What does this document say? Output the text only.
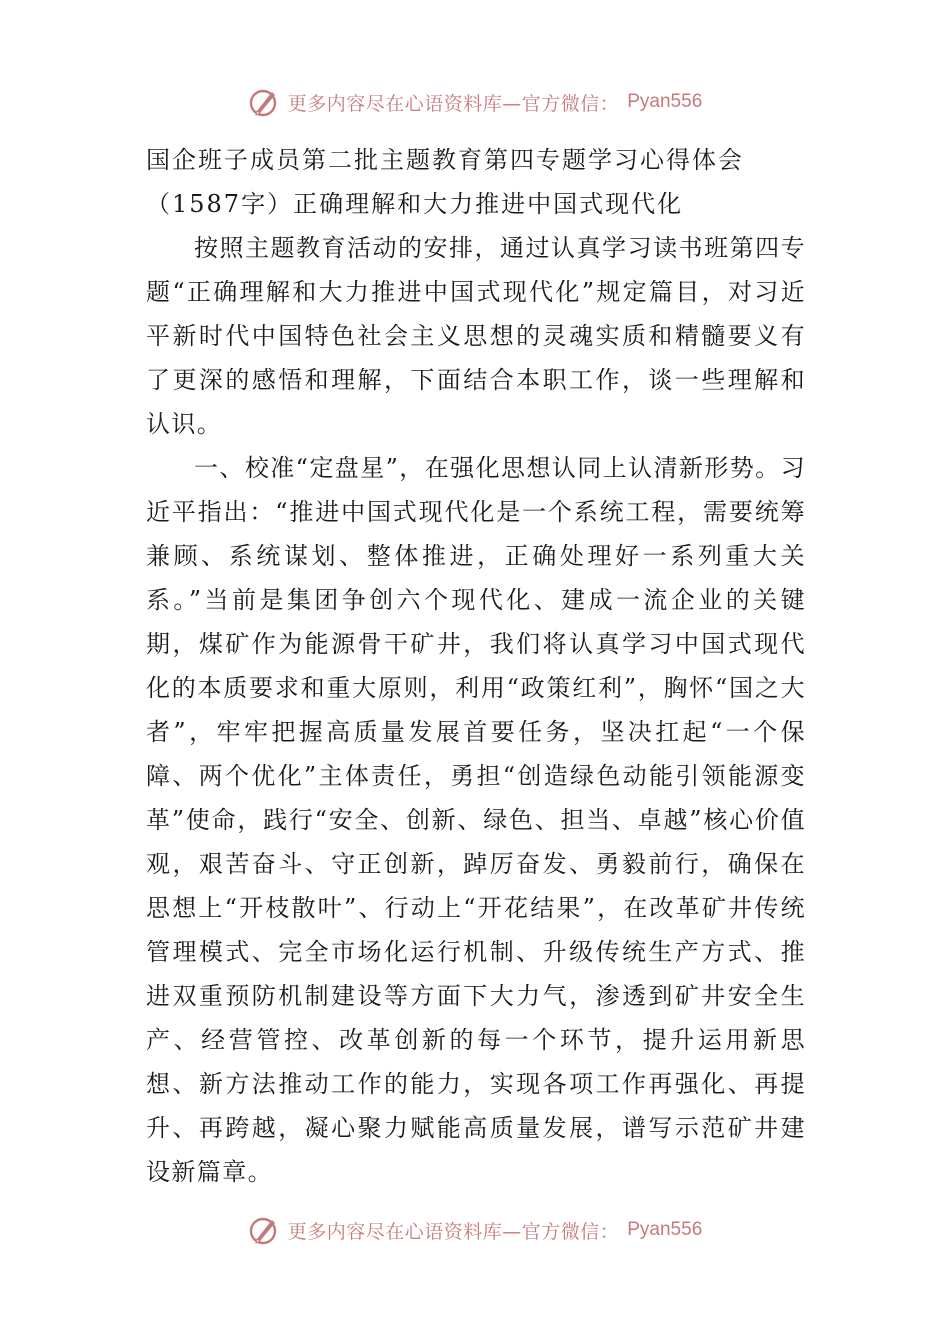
更多内容尽在心语资料库—官方微信： Pyan556

国企班子成员第二批主题教育第四专题学习心得体会

（1587字）正确理解和大力推进中国式现代化

按照主题教育活动的安排，通过认真学习读书班第四专题“正确理解和大力推进中国式现代化”规定篇目，对习近平新时代中国特色社会主义思想的灵魂实质和精髓要义有了更深的感悟和理解，下面结合本职工作，谈一些理解和认识。

一、校准“定盘星”，在强化思想认同上认清新形势。习近平指出：“推进中国式现代化是一个系统工程，需要统筹兼顾、系统谋划、整体推进，正确处理好一系列重大关系。”当前是集团争创六个现代化、建成一流企业的关键期，煤矿作为能源骨干矿井，我们将认真学习中国式现代化的本质要求和重大原则，利用“政策红利”，胸怀“国之大者”，牢牢把握高质量发展首要任务，坚决扛起“一个保障、两个优化”主体责任，勇担“创造绿色动能引领能源变革”使命，践行“安全、创新、绿色、担当、卓越”核心价值观，艰苦奋斗、守正创新，踔厉奋发、勇毅前行，确保在思想上“开枝散叶”、行动上“开花结果”，在改革矿井传统管理模式、完全市场化运行机制、升级传统生产方式、推进双重预防机制建设等方面下大力气，渗透到矿井安全生产、经营管控、改革创新的每一个环节，提升运用新思想、新方法推动工作的能力，实现各项工作再强化、再提升、再跨越，凝心聚力赋能高质量发展，谱写示范矿井建设新篇章。

更多内容尽在心语资料库—官方微信： Pyan556
